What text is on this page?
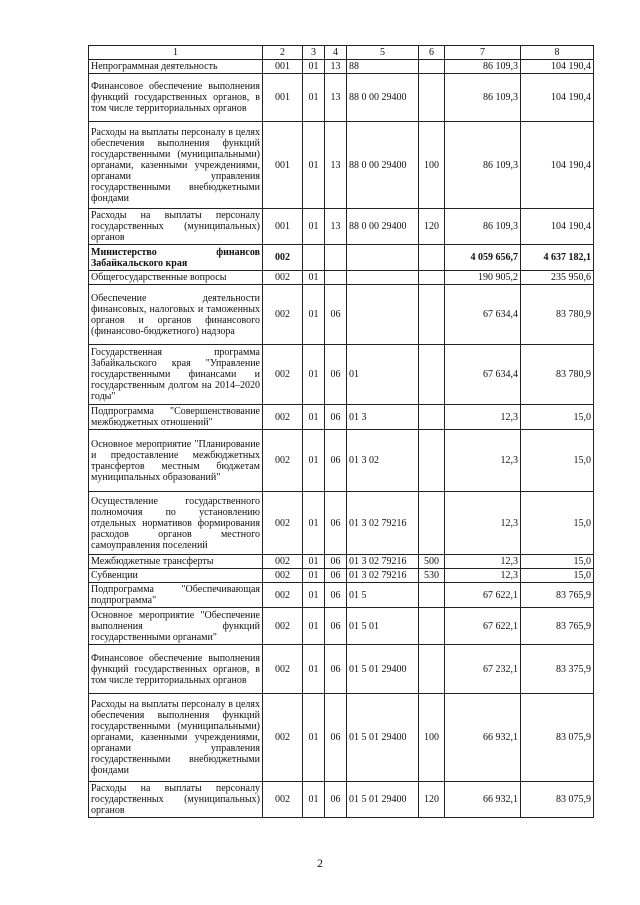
1	2	3	4	5	6	7	8
Непрограммная деятельность	001	01	13	88		86 109,3	104 190,4
Финансовое обеспечение выполнения функций государственных органов, в том числе территориальных органов	001	01	13	88 0 00 29400		86 109,3	104 190,4
Расходы на выплаты персоналу в целях обеспечения выполнения функций государственными (муниципальными) органами, казенными учреждениями, органами управления государственными внебюджетными фондами	001	01	13	88 0 00 29400	100	86 109,3	104 190,4
Расходы на выплаты персоналу государственных (муниципальных) органов	001	01	13	88 0 00 29400	120	86 109,3	104 190,4
Министерство финансов Забайкальского края	002					4 059 656,7	4 637 182,1
Общегосударственные вопросы	002	01				190 905,2	235 950,6
Обеспечение деятельности финансовых, налоговых и таможенных органов и органов финансового (финансово-бюджетного) надзора	002	01	06			67 634,4	83 780,9
Государственная программа Забайкальского края "Управление государственными финансами и государственным долгом на 2014–2020 годы"	002	01	06	01		67 634,4	83 780,9
Подпрограмма "Совершенствование межбюджетных отношений"	002	01	06	01 3		12,3	15,0
Основное мероприятие "Планирование и предоставление межбюджетных трансфертов местным бюджетам муниципальных образований"	002	01	06	01 3 02		12,3	15,0
Осуществление государственного полномочия по установлению отдельных нормативов формирования расходов органов местного самоуправления поселений	002	01	06	01 3 02 79216		12,3	15,0
Межбюджетные трансферты	002	01	06	01 3 02 79216	500	12,3	15,0
Субвенции	002	01	06	01 3 02 79216	530	12,3	15,0
Подпрограмма "Обеспечивающая подпрограмма"	002	01	06	01 5		67 622,1	83 765,9
Основное мероприятие "Обеспечение выполнения функций государственными органами"	002	01	06	01 5 01		67 622,1	83 765,9
Финансовое обеспечение выполнения функций государственных органов, в том числе территориальных органов	002	01	06	01 5 01 29400		67 232,1	83 375,9
Расходы на выплаты персоналу в целях обеспечения выполнения функций государственными (муниципальными) органами, казенными учреждениями, органами управления государственными внебюджетными фондами	002	01	06	01 5 01 29400	100	66 932,1	83 075,9
Расходы на выплаты персоналу государственных (муниципальных) органов	002	01	06	01 5 01 29400	120	66 932,1	83 075,9
2
